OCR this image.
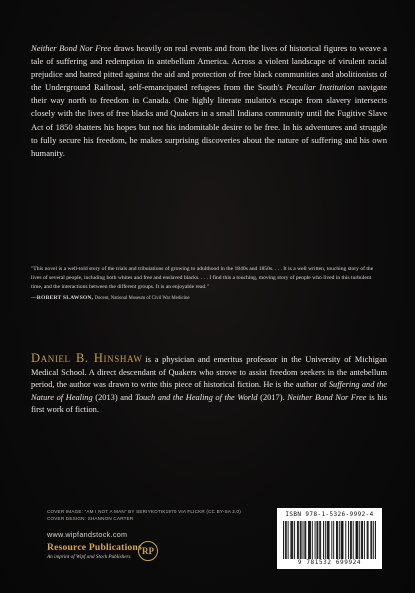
Neither Bond Nor Free draws heavily on real events and from the lives of historical figures to weave a tale of suffering and redemption in antebellum America. Across a violent landscape of virulent racial prejudice and hatred pitted against the aid and protection of free black communities and abolitionists of the Underground Railroad, self-emancipated refugees from the South's Peculiar Institution navigate their way north to freedom in Canada. One highly literate mulatto's escape from slavery intersects closely with the lives of free blacks and Quakers in a small Indiana community until the Fugitive Slave Act of 1850 shatters his hopes but not his indomitable desire to be free. In his adventures and struggle to fully secure his freedom, he makes surprising discoveries about the nature of suffering and his own humanity.

"This novel is a well-told story of the trials and tribulations of growing to adulthood in the 1840s and 1850s. . . . It is a well written, touching story of the lives of several people, including both whites and free and enslaved blacks. . . . I find this a touching, moving story of people who lived in this turbulent time, and the interactions between the different groups. It is an enjoyable read."
—ROBERT SLAWSON, Docent, National Museum of Civil War Medicine
Daniel B. Hinshaw is a physician and emeritus professor in the University of Michigan Medical School. A direct descendant of Quakers who strove to assist freedom seekers in the antebellum period, the author was drawn to write this piece of historical fiction. He is the author of Suffering and the Nature of Healing (2013) and Touch and the Healing of the World (2017). Neither Bond Nor Free is his first work of fiction.
COVER IMAGE: "AM I NOT A MAN" BY SERIYKOTIK1970 VIA FLICKR (CC BY-SA 2.0)
COVER DESIGN: SHANNON CARTER
www.wipfandstock.com
Resource Publications
An imprint of Wipf and Stock Publishers
RP
ISBN 978-1-5326-9992-4
9 781532 699924
